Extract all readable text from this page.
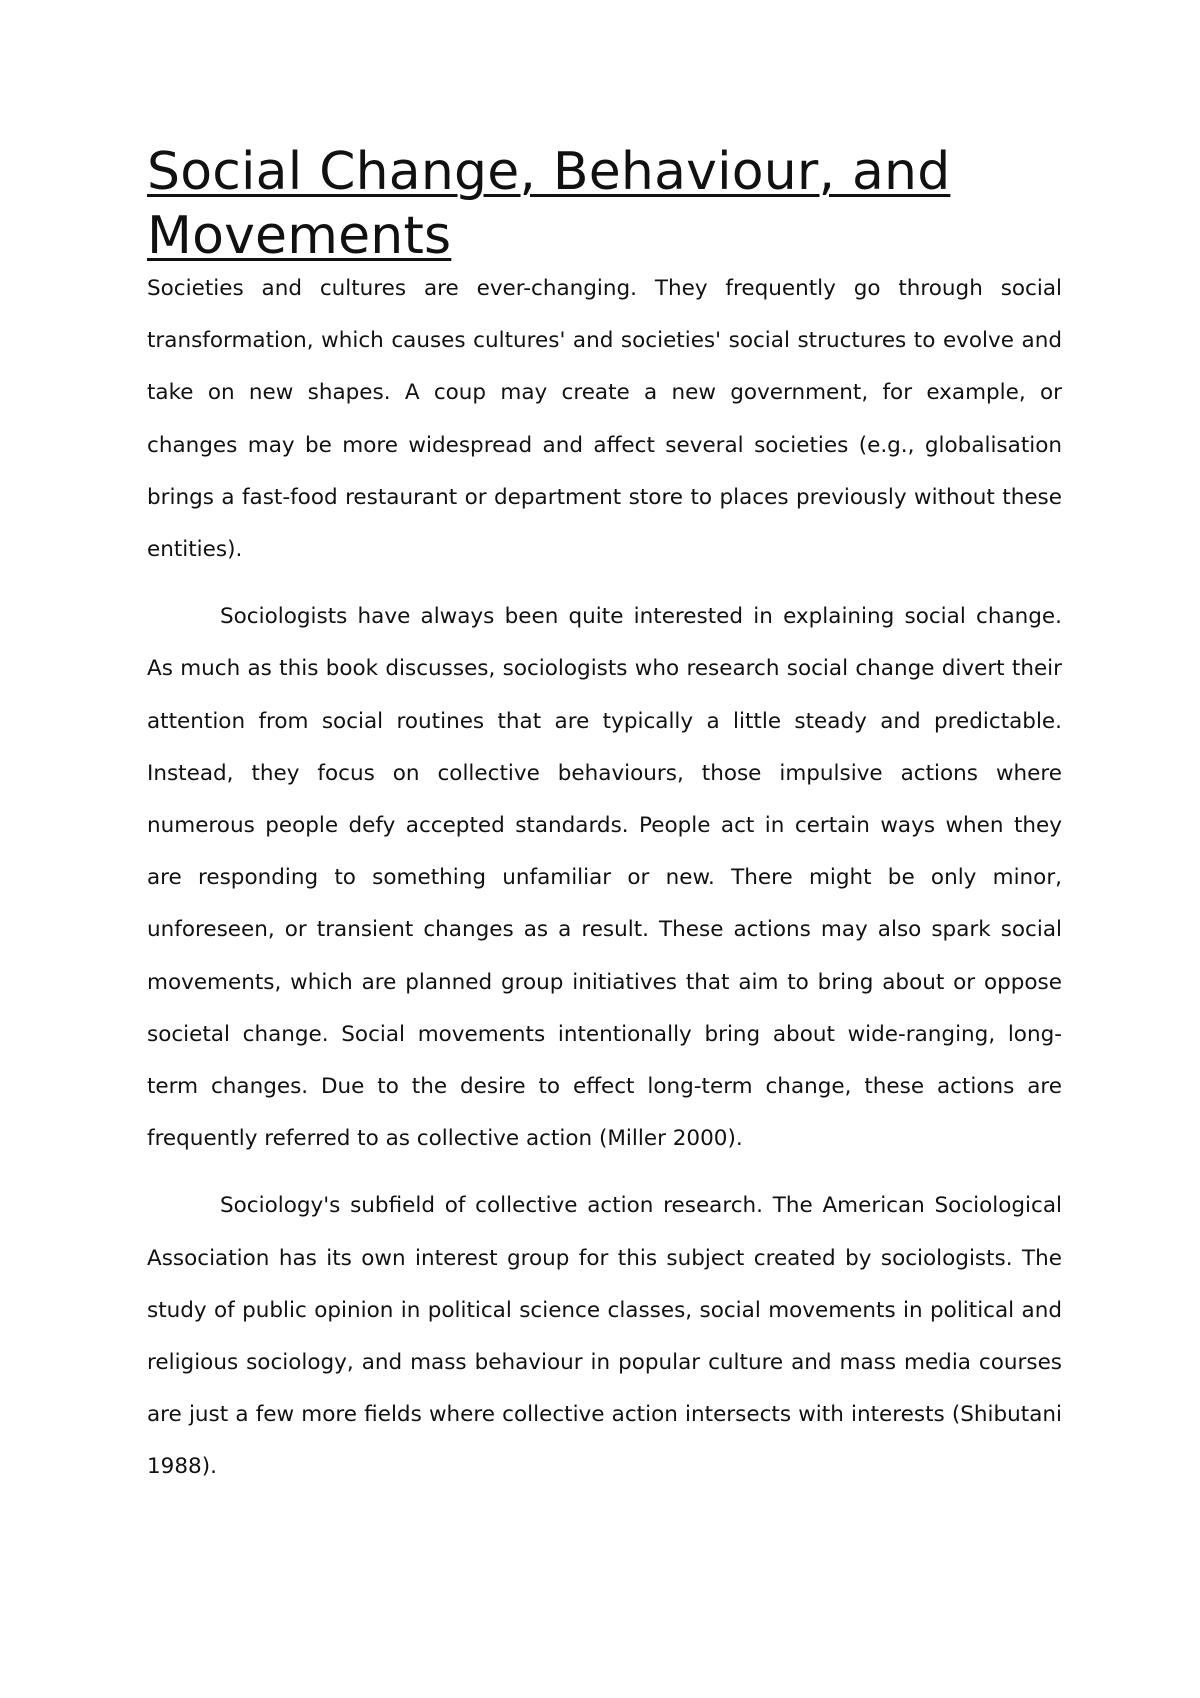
Social Change, Behaviour, and Movements

Societies and cultures are ever-changing. They frequently go through social transformation, which causes cultures' and societies' social structures to evolve and take on new shapes. A coup may create a new government, for example, or changes may be more widespread and affect several societies (e.g., globalisation brings a fast-food restaurant or department store to places previously without these entities).

Sociologists have always been quite interested in explaining social change. As much as this book discusses, sociologists who research social change divert their attention from social routines that are typically a little steady and predictable. Instead, they focus on collective behaviours, those impulsive actions where numerous people defy accepted standards. People act in certain ways when they are responding to something unfamiliar or new. There might be only minor, unforeseen, or transient changes as a result. These actions may also spark social movements, which are planned group initiatives that aim to bring about or oppose societal change. Social movements intentionally bring about wide-ranging, long-term changes. Due to the desire to effect long-term change, these actions are frequently referred to as collective action (Miller 2000).

Sociology's subfield of collective action research. The American Sociological Association has its own interest group for this subject created by sociologists. The study of public opinion in political science classes, social movements in political and religious sociology, and mass behaviour in popular culture and mass media courses are just a few more fields where collective action intersects with interests (Shibutani 1988).
